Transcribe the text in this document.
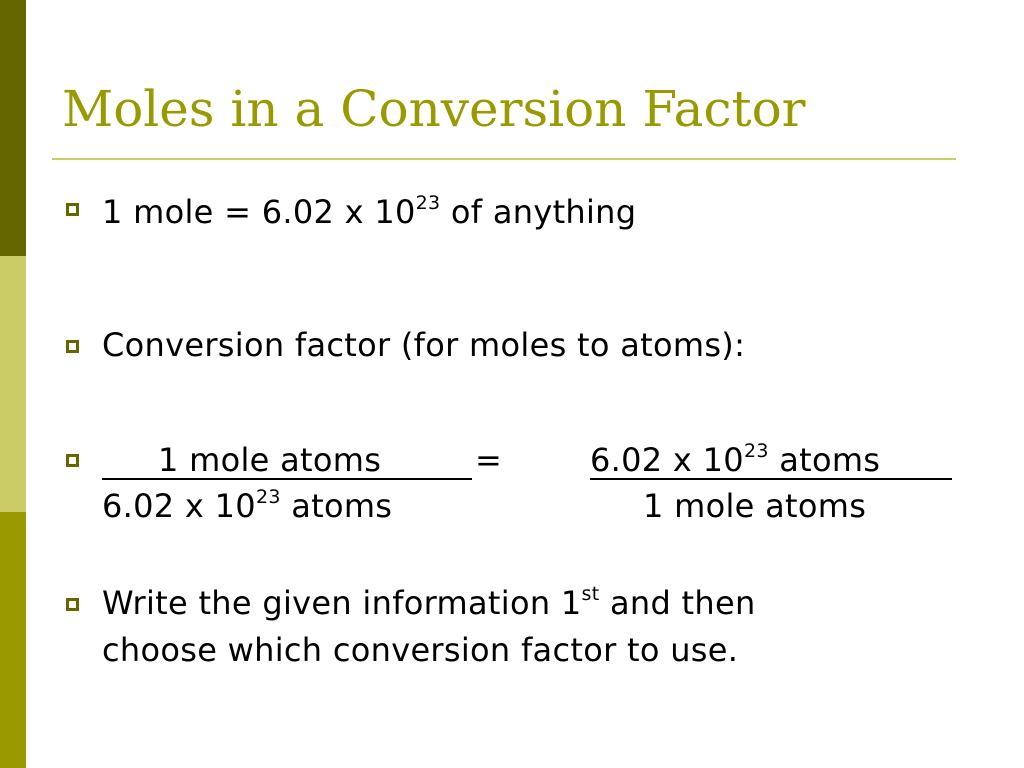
Moles in a Conversion Factor
1 mole = 6.02 x $10^{23}$ of anything
Conversion factor (for moles to atoms):
1 mole atoms	=	6.02 x $10^{23}$ atoms
6.02 x $10^{23}$ atoms	1 mole atoms
Write the given information 1st and then
choose which conversion factor to use.
